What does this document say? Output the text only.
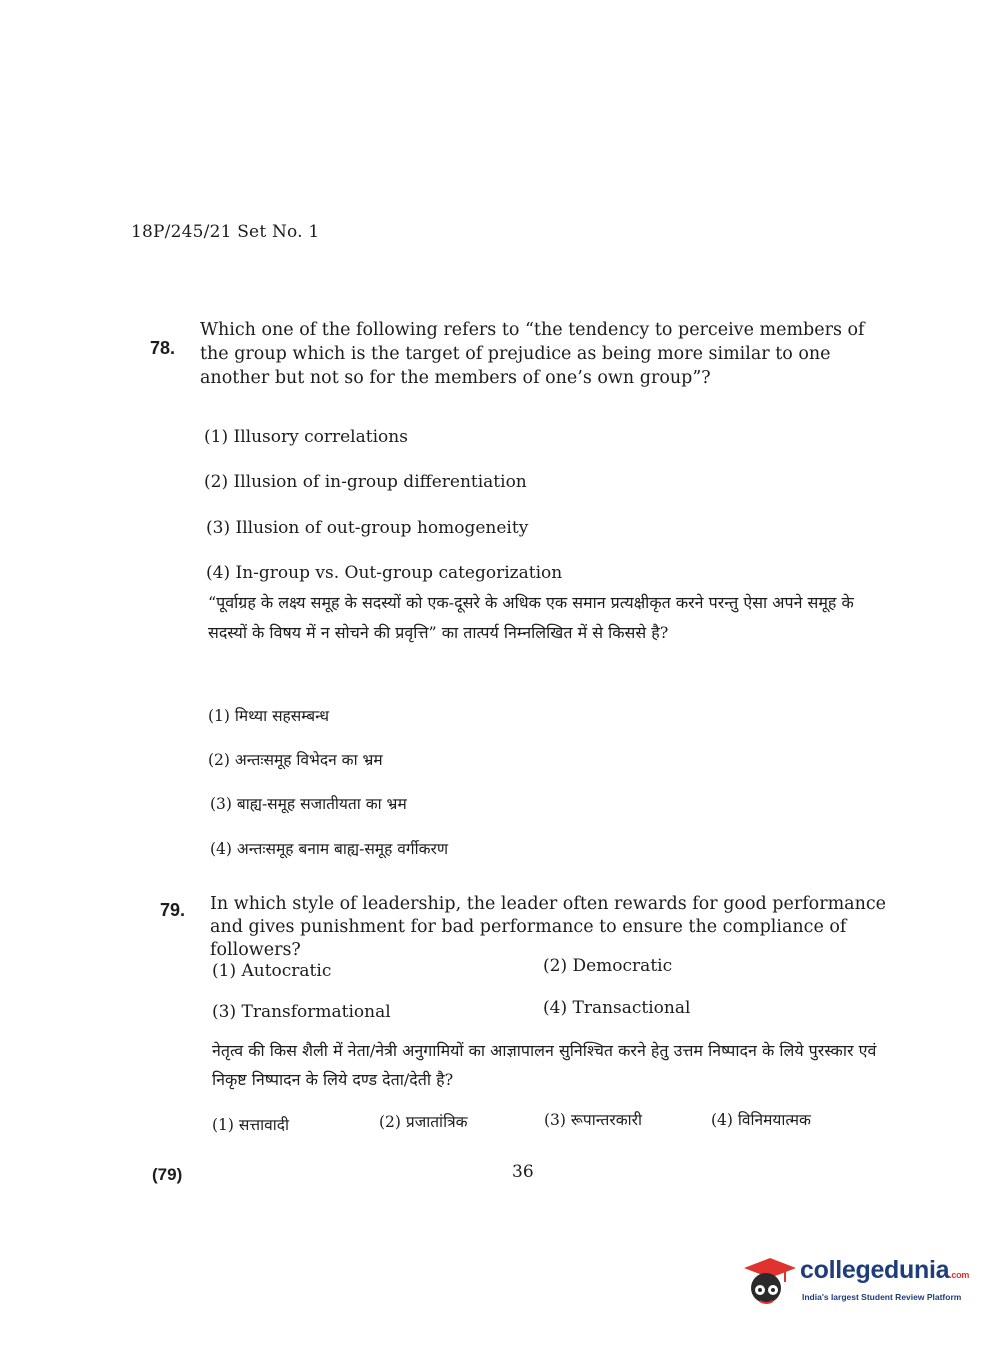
18P/245/21 Set No. 1
78.
Which one of the following refers to “the tendency to perceive members of the group which is the target of prejudice as being more similar to one another but not so for the members of one’s own group”?
(1) Illusory correlations
(2) Illusion of in-group differentiation
(3) Illusion of out-group homogeneity
(4) In-group vs. Out-group categorization
“पूर्वाग्रह के लक्ष्य समूह के सदस्यों को एक-दूसरे के अधिक एक समान प्रत्यक्षीकृत करने परन्तु ऐसा अपने समूह के सदस्यों के विषय में न सोचने की प्रवृत्ति” का तात्पर्य निम्नलिखित में से किससे है?
(1) मिथ्या सहसम्बन्ध
(2) अन्तःसमूह विभेदन का भ्रम
(3) बाह्य-समूह सजातीयता का भ्रम
(4) अन्तःसमूह बनाम बाह्य-समूह वर्गीकरण
79. In which style of leadership, the leader often rewards for good performance and gives punishment for bad performance to ensure the compliance of followers?
(1) Autocratic	(2) Democratic
(3) Transformational	(4) Transactional
नेतृत्व की किस शैली में नेता/नेत्री अनुगामियों का आज्ञापालन सुनिश्चित करने हेतु उत्तम निष्पादन के लिये पुरस्कार एवं निकृष्ट निष्पादन के लिये दण्ड देता/देती है?
(1) सत्तावादी	(2) प्रजातांत्रिक	(3) रूपान्तरकारी	(4) विनिमयात्मक
(79)	36
collegedunia.com
India's largest Student Review Platform
